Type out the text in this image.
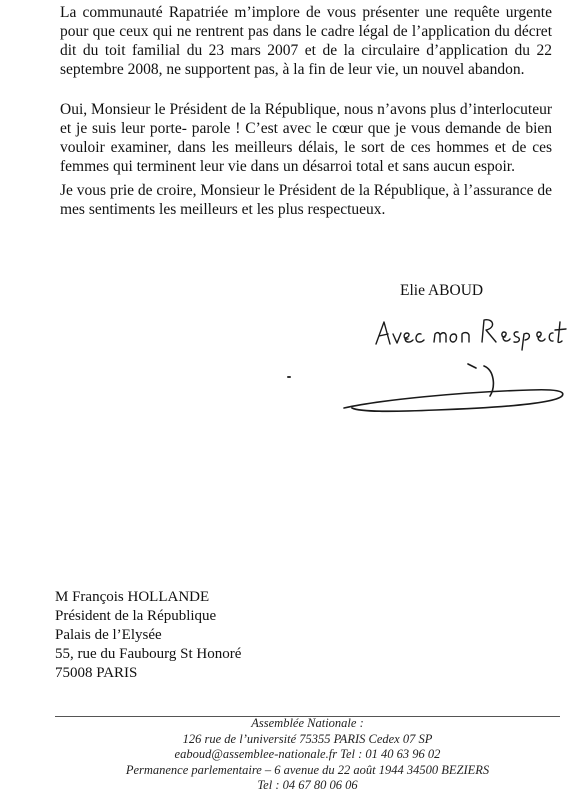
La communauté Rapatriée m’implore de vous présenter une requête urgente pour que ceux qui ne rentrent pas dans le cadre légal de l’application du décret dit du toit familial du 23 mars 2007 et de la circulaire d’application du 22 septembre 2008, ne supportent pas, à la fin de leur vie, un nouvel abandon.

Oui, Monsieur le Président de la République, nous n’avons plus d’interlocuteur et je suis leur porte- parole ! C’est avec le cœur que je vous demande de bien vouloir examiner, dans les meilleurs délais, le sort de ces hommes et de ces femmes qui terminent leur vie dans un désarroi total et sans aucun espoir.

Je vous prie de croire, Monsieur le Président de la République, à l’assurance de mes sentiments les meilleurs et les plus respectueux.

Elie ABOUD
M François HOLLANDE
Président de la République
Palais de l’Elysée
55, rue du Faubourg St Honoré
75008 PARIS
Assemblée Nationale :
126 rue de l’université 75355 PARIS Cedex 07 SP
eaboud@assemblee-nationale.fr Tel : 01 40 63 96 02
Permanence parlementaire – 6 avenue du 22 août 1944 34500 BEZIERS
Tel : 04 67 80 06 06
